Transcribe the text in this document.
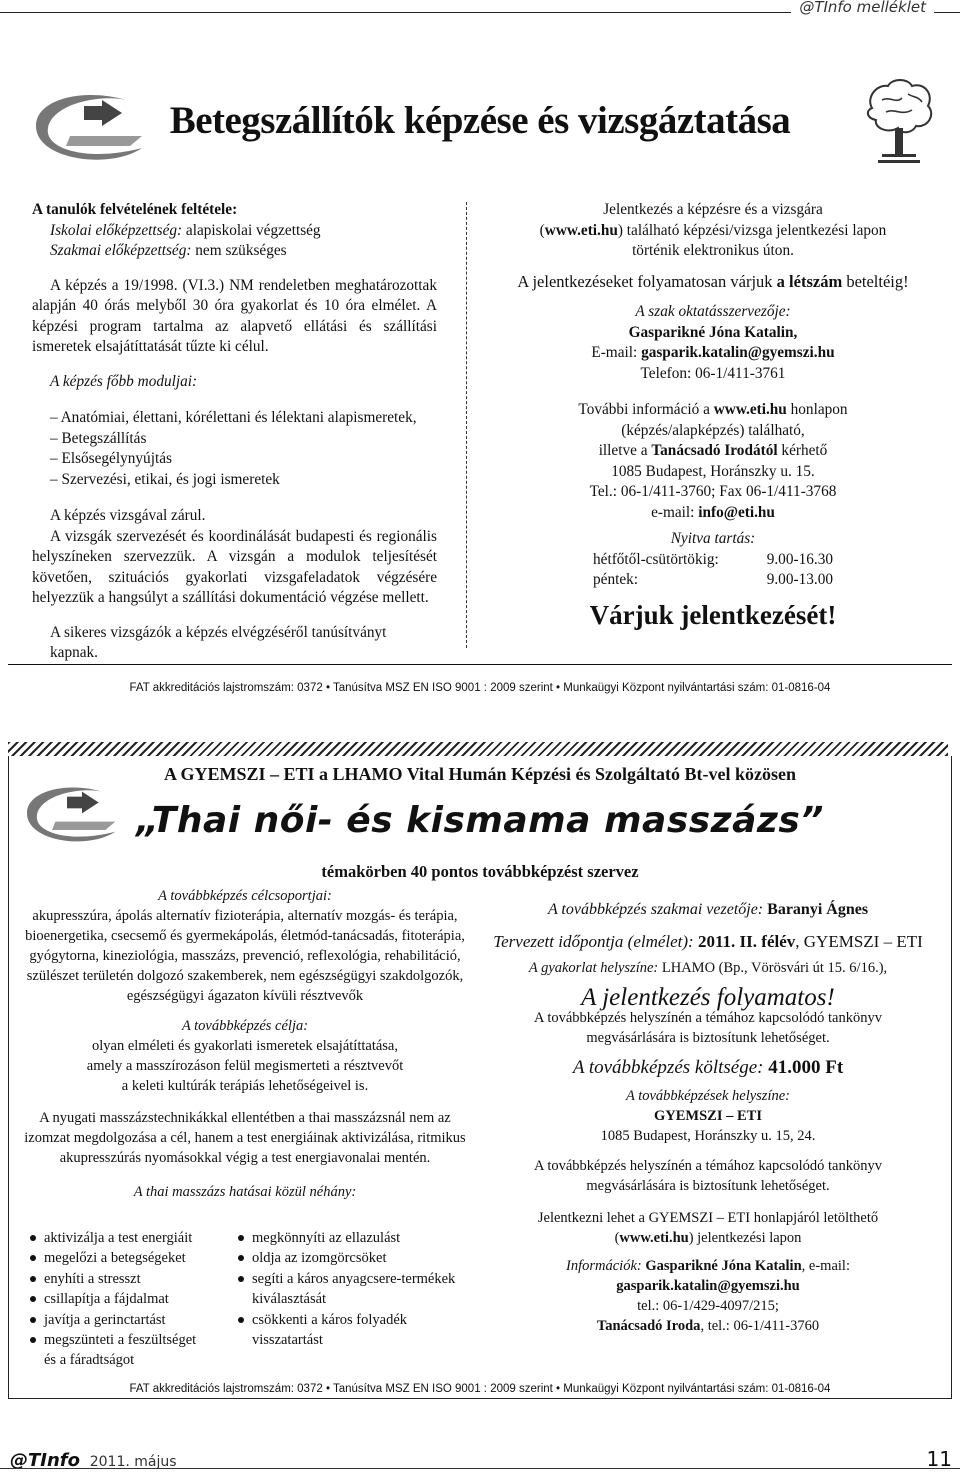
@TInfo melléklet
Betegszállítók képzése és vizsgáztatása

A tanulók felvételének feltétele:

Iskolai előképzettség: alapiskolai végzettség

Szakmai előképzettség: nem szükséges

A képzés a 19/1998. (VI.3.) NM rendeletben meghatározottak alapján 40 órás melyből 30 óra gyakorlat és 10 óra elmélet. A képzési program tartalma az alapvető ellátási és szállítási ismeretek elsajátíttatását tűzte ki célul.

A képzés főbb moduljai:

– Anatómiai, élettani, kórélettani és lélektani alapismeretek,

– Betegszállítás

– Elsősegélynyújtás

– Szervezési, etikai, és jogi ismeretek

A képzés vizsgával zárul.

A vizsgák szervezését és koordinálását budapesti és regionális helyszíneken szervezzük. A vizsgán a modulok teljesítését követően, szituációs gyakorlati vizsgafeladatok végzésére helyezzük a hangsúlyt a szállítási dokumentáció végzése mellett.

A sikeres vizsgázók a képzés elvégzéséről tanúsítványt kapnak.

Jelentkezés a képzésre és a vizsgára

(www.eti.hu) található képzési/vizsga jelentkezési lapon

történik elektronikus úton.

A jelentkezéseket folyamatosan várjuk a létszám beteltéig!

A szak oktatásszervezője:

Gasparikné Jóna Katalin,

E-mail: gasparik.katalin@gyemszi.hu

Telefon: 06-1/411-3761

További információ a www.eti.hu honlapon

(képzés/alapképzés) található,

illetve a Tanácsadó Irodától kérhető

1085 Budapest, Horánszky u. 15.

Tel.: 06-1/411-3760; Fax 06-1/411-3768

e-mail: info@eti.hu

Nyitva tartás:

hétfőtől-csütörtökig:	9.00-16.30
péntek:	9.00-13.00

Várjuk jelentkezését!

FAT akkreditációs lajstromszám: 0372 • Tanúsítva MSZ EN ISO 9001 : 2009 szerint • Munkaügyi Központ nyilvántartási szám: 01-0816-04
A GYEMSZI – ETI a LHAMO Vital Humán Képzési és Szolgáltató Bt-vel közösen
„Thai női- és kismama masszázs”
témakörben 40 pontos továbbképzést szervez

A továbbképzés célcsoportjai:

akupresszúra, ápolás alternatív fizioterápia, alternatív mozgás- és terápia, bioenergetika, csecsemő és gyermekápolás, életmód-tanácsadás, fitoterápia, gyógytorna, kineziológia, masszázs, prevenció, reflexológia, rehabilitáció, szülészet területén dolgozó szakemberek, nem egészségügyi szakdolgozók, egészségügyi ágazaton kívüli résztvevők

A továbbképzés célja:

olyan elméleti és gyakorlati ismeretek elsajátíttatása, amely a masszírozáson felül megismerteti a résztvevőt a keleti kultúrák terápiás lehetőségeivel is.

A nyugati masszázstechnikákkal ellentétben a thai masszázsnál nem az izomzat megdolgozása a cél, hanem a test energiáinak aktivizálása, ritmikus akupresszúrás nyomásokkal végig a test energiavonalai mentén.

A thai masszázs hatásai közül néhány:

aktivizálja a test energiáit
megelőzi a betegségeket
enyhíti a stresszt
csillapítja a fájdalmat
javítja a gerinctartást
megszünteti a feszültséget
és a fáradtságot
megkönnyíti az ellazulást
oldja az izomgörcsöket
segíti a káros anyagcsere-termékek
kiválasztását
csökkenti a káros folyadék
visszatartást

A továbbképzés szakmai vezetője: Baranyi Ágnes

Tervezett időpontja (elmélet): 2011. II. félév, GYEMSZI – ETI

A gyakorlat helyszíne: LHAMO (Bp., Vörösvári út 15. 6/16.),

A jelentkezés folyamatos!

A továbbképzés helyszínén a témához kapcsolódó tankönyv megvásárlására is biztosítunk lehetőséget.

A továbbképzés költsége: 41.000 Ft

A továbbképzések helyszíne:

GYEMSZI – ETI

1085 Budapest, Horánszky u. 15, 24.

A továbbképzés helyszínén a témához kapcsolódó tankönyv megvásárlására is biztosítunk lehetőséget.

Jelentkezni lehet a GYEMSZI – ETI honlapjáról letölthető

(www.eti.hu) jelentkezési lapon

Információk: Gasparikné Jóna Katalin, e-mail: gasparik.katalin@gyemszi.hu

tel.: 06-1/429-4097/215;

Tanácsadó Iroda, tel.: 06-1/411-3760

FAT akkreditációs lajstromszám: 0372 • Tanúsítva MSZ EN ISO 9001 : 2009 szerint • Munkaügyi Központ nyilvántartási szám: 01-0816-04
@TInfo 2011. május	11
